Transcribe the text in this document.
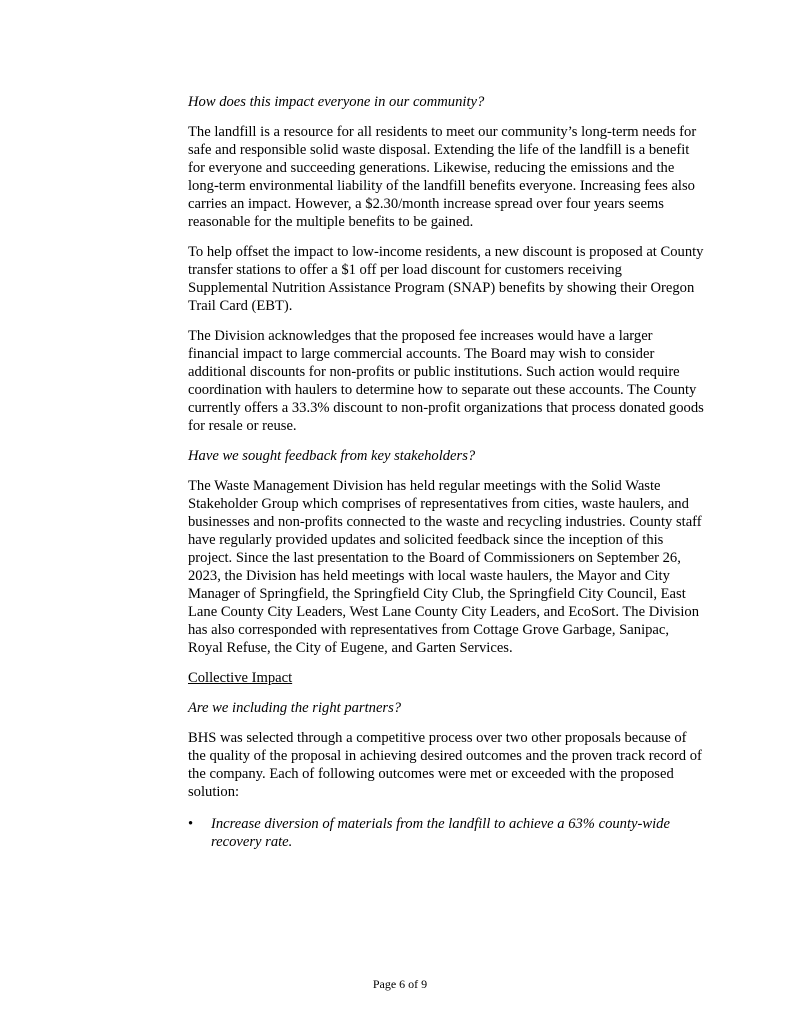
How does this impact everyone in our community?

The landfill is a resource for all residents to meet our community’s long-term needs for safe and responsible solid waste disposal. Extending the life of the landfill is a benefit for everyone and succeeding generations. Likewise, reducing the emissions and the long-term environmental liability of the landfill benefits everyone. Increasing fees also carries an impact. However, a $2.30/month increase spread over four years seems reasonable for the multiple benefits to be gained.

To help offset the impact to low-income residents, a new discount is proposed at County transfer stations to offer a $1 off per load discount for customers receiving Supplemental Nutrition Assistance Program (SNAP) benefits by showing their Oregon Trail Card (EBT).

The Division acknowledges that the proposed fee increases would have a larger financial impact to large commercial accounts. The Board may wish to consider additional discounts for non-profits or public institutions. Such action would require coordination with haulers to determine how to separate out these accounts. The County currently offers a 33.3% discount to non-profit organizations that process donated goods for resale or reuse.

Have we sought feedback from key stakeholders?

The Waste Management Division has held regular meetings with the Solid Waste Stakeholder Group which comprises of representatives from cities, waste haulers, and businesses and non-profits connected to the waste and recycling industries. County staff have regularly provided updates and solicited feedback since the inception of this project. Since the last presentation to the Board of Commissioners on September 26, 2023, the Division has held meetings with local waste haulers, the Mayor and City Manager of Springfield, the Springfield City Club, the Springfield City Council, East Lane County City Leaders, West Lane County City Leaders, and EcoSort. The Division has also corresponded with representatives from Cottage Grove Garbage, Sanipac, Royal Refuse, the City of Eugene, and Garten Services.

Collective Impact

Are we including the right partners?

BHS was selected through a competitive process over two other proposals because of the quality of the proposal in achieving desired outcomes and the proven track record of the company. Each of following outcomes were met or exceeded with the proposed solution:

• Increase diversion of materials from the landfill to achieve a 63% county-wide recovery rate.
Page 6 of 9
